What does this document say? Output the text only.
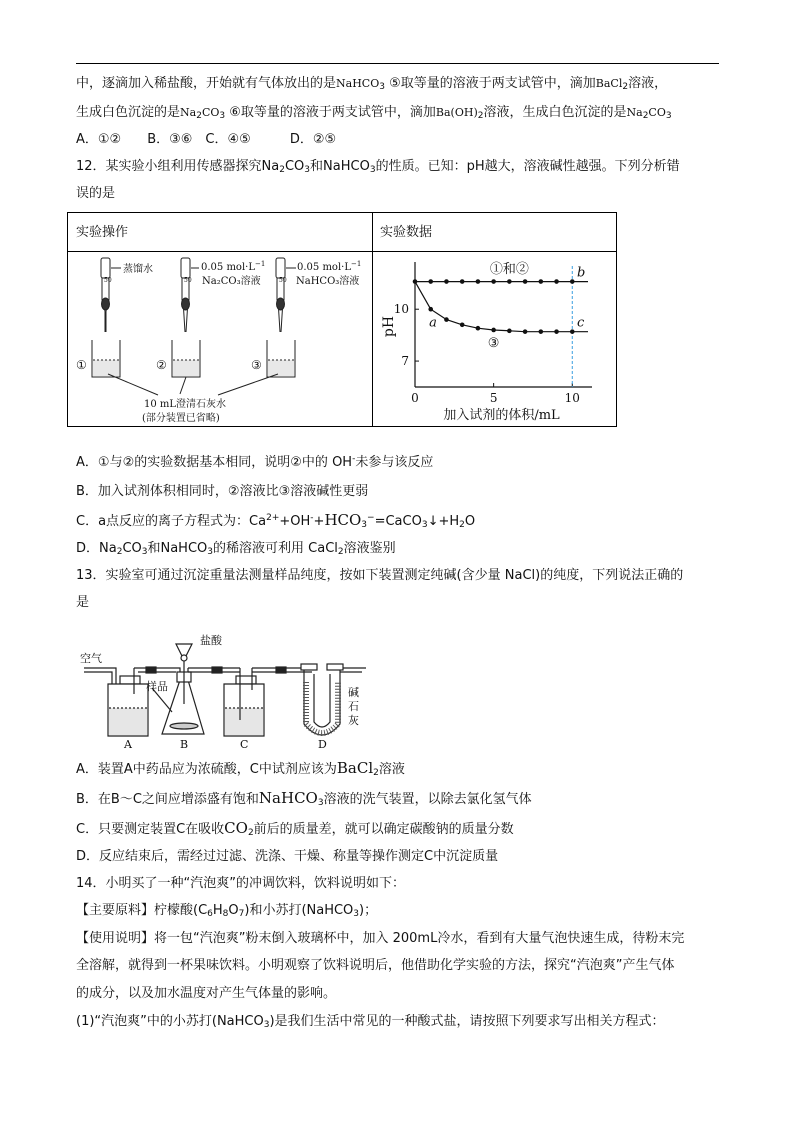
中，逐滴加入稀盐酸，开始就有气体放出的是NaHCO$_3$ ⑤取等量的溶液于两支试管中，滴加BaCl$_2$溶液，
生成白色沉淀的是$Na_2CO_3$ ⑥取等量的溶液于两支试管中，滴加$Ba(OH)_2$溶液，生成白色沉淀的是$Na_2CO_3$
A．①②　　B．③⑥　C．④⑤　　　D．②⑤
12．某实验小组利用传感器探究$Na_2CO_3$和NaHCO$_3$的性质。已知：pH越大，溶液碱性越强。下列分析错
误的是
实验操作	实验数据
蒸馏水	0.05 $mol\cdot L^{-1}$
Na₂CO₃溶液
0.05 $mol\cdot L^{-1}$
NaHCO₃溶液
50	50	50
①	②	③
10 mL澄清石灰水
(部分装置已省略)
0	5	10
10
7
pH
加入试剂的体积/mL
①和②
③
b
c
a
A．①与②的实验数据基本相同，说明②中的 OH-未参与该反应
B．加入试剂体积相同时，②溶液比③溶液碱性更弱
C．a点反应的离子方程式为：$Ca^{2+}+OH^-+HCO_3^-=CaCO_3↓+H_2O$
D．$Na_2CO_3$和NaHCO$_3$的稀溶液可利用 CaCl$_2$溶液鉴别
13．实验室可通过沉淀重量法测量样品纯度，按如下装置测定纯碱(含少量 NaCl)的纯度，下列说法正确的
是
空气
盐酸
样品	碱
石
灰
A	B	C	D
A．装置A中药品应为浓硫酸，C中试剂应该为BaCl$_2$溶液
B．在B～C之间应增添盛有饱和NaHCO$_3$溶液的洗气装置，以除去氯化氢气体
C．只要测定装置C在吸收$CO_2$前后的质量差，就可以确定碳酸钠的质量分数
D．反应结束后，需经过过滤、洗涤、干燥、称量等操作测定C中沉淀质量
14．小明买了一种“汽泡爽”的冲调饮料，饮料说明如下：
【主要原料】柠檬酸$(C_6H_8O_7)$和小苏打(NaHCO$_3$)；
【使用说明】将一包“汽泡爽”粉末倒入玻璃杯中，加入 200mL冷水，看到有大量气泡快速生成，待粉末完
全溶解，就得到一杯果味饮料。小明观察了饮料说明后，他借助化学实验的方法，探究“汽泡爽”产生气体
的成分，以及加水温度对产生气体量的影响。
(1)“汽泡爽”中的小苏打(NaHCO$_3$)是我们生活中常见的一种酸式盐，请按照下列要求写出相关方程式：
